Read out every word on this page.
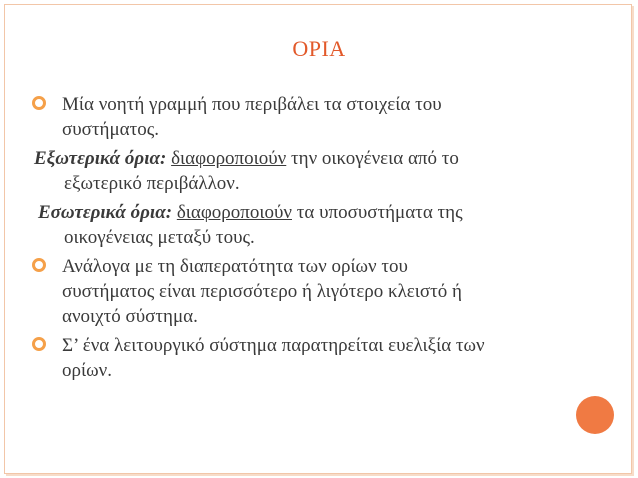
ΟΡΙΑ
Μία νοητή γραμμή που περιβάλει τα στοιχεία του
συστήματος.
Εξωτερικά όρια: διαφοροποιούν την οικογένεια από το
εξωτερικό περιβάλλον.
Εσωτερικά όρια: διαφοροποιούν τα υποσυστήματα της
οικογένειας μεταξύ τους.
Ανάλογα με τη διαπερατότητα των ορίων του
συστήματος είναι περισσότερο ή λιγότερο κλειστό ή
ανοιχτό σύστημα.
Σ’ ένα λειτουργικό σύστημα παρατηρείται ευελιξία των
ορίων.
